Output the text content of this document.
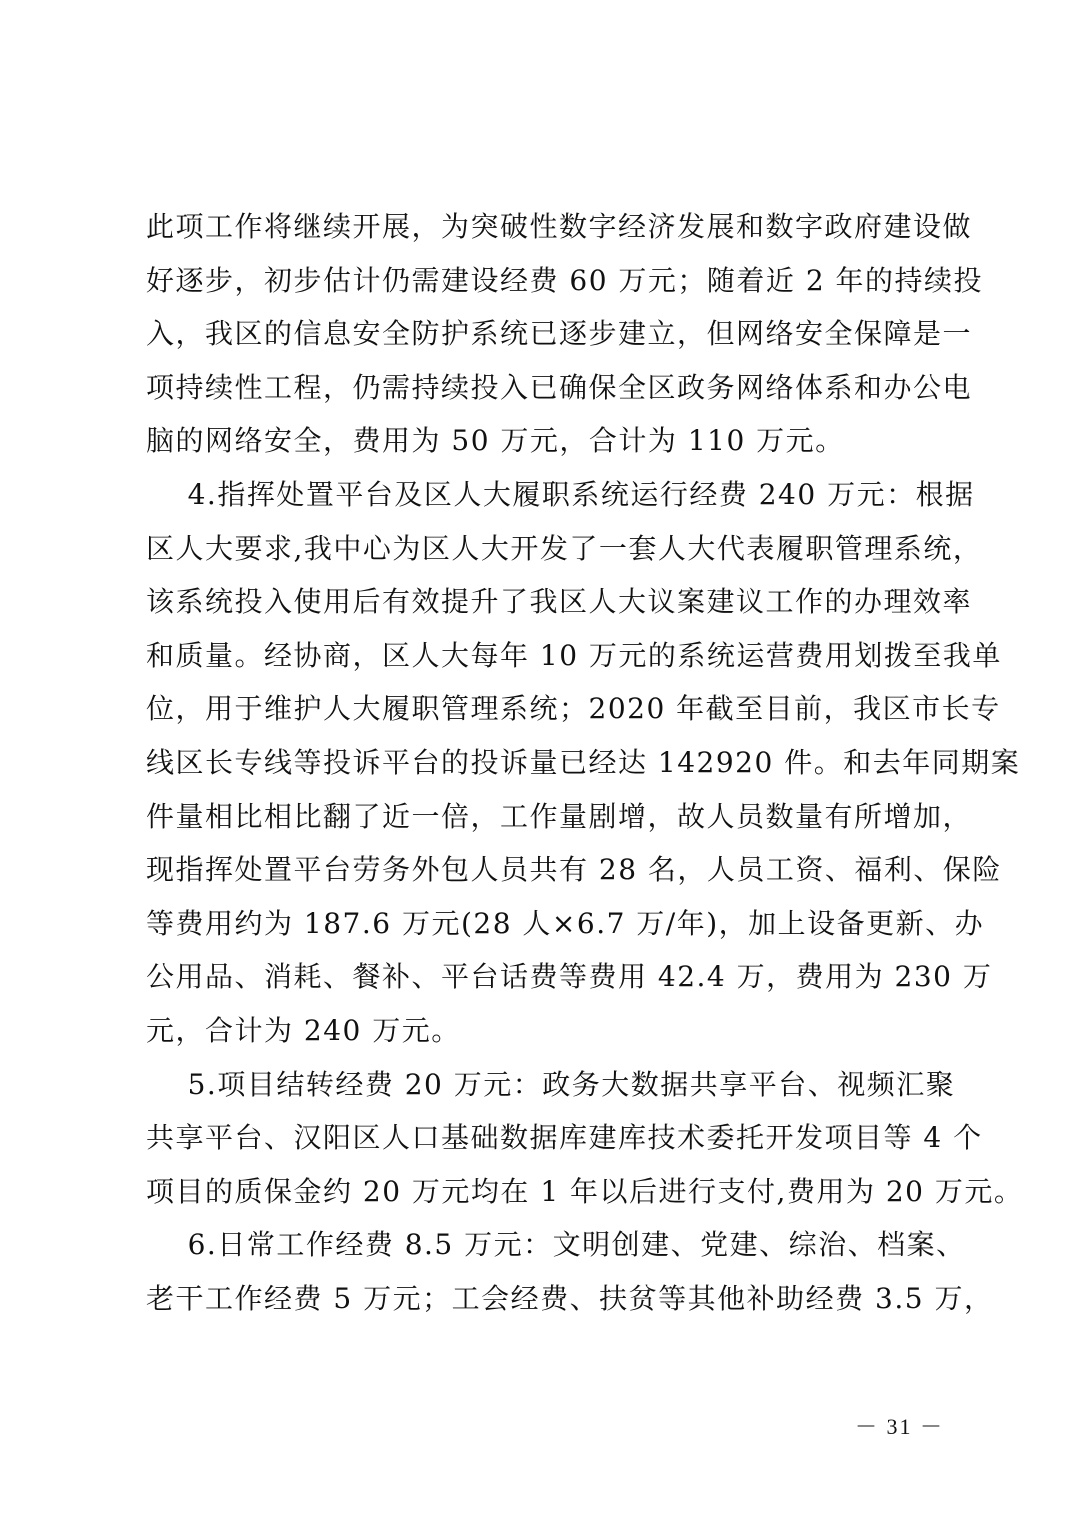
此项工作将继续开展，为突破性数字经济发展和数字政府建设做
好逐步，初步估计仍需建设经费 60 万元；随着近 2 年的持续投
入，我区的信息安全防护系统已逐步建立，但网络安全保障是一
项持续性工程，仍需持续投入已确保全区政务网络体系和办公电
脑的网络安全，费用为 50 万元，合计为 110 万元。
4.指挥处置平台及区人大履职系统运行经费 240 万元：根据
区人大要求,我中心为区人大开发了一套人大代表履职管理系统，
该系统投入使用后有效提升了我区人大议案建议工作的办理效率
和质量。经协商，区人大每年 10 万元的系统运营费用划拨至我单
位，用于维护人大履职管理系统；2020 年截至目前，我区市长专
线区长专线等投诉平台的投诉量已经达 142920 件。和去年同期案
件量相比相比翻了近一倍，工作量剧增，故人员数量有所增加，
现指挥处置平台劳务外包人员共有 28 名，人员工资、福利、保险
等费用约为 187.6 万元(28 人×6.7 万/年)，加上设备更新、办
公用品、消耗、餐补、平台话费等费用 42.4 万，费用为 230 万
元，合计为 240 万元。
5.项目结转经费 20 万元：政务大数据共享平台、视频汇聚
共享平台、汉阳区人口基础数据库建库技术委托开发项目等 4 个
项目的质保金约 20 万元均在 1 年以后进行支付,费用为 20 万元。
6.日常工作经费 8.5 万元：文明创建、党建、综治、档案、
老干工作经费 5 万元；工会经费、扶贫等其他补助经费 3.5 万，
－ 31 －
